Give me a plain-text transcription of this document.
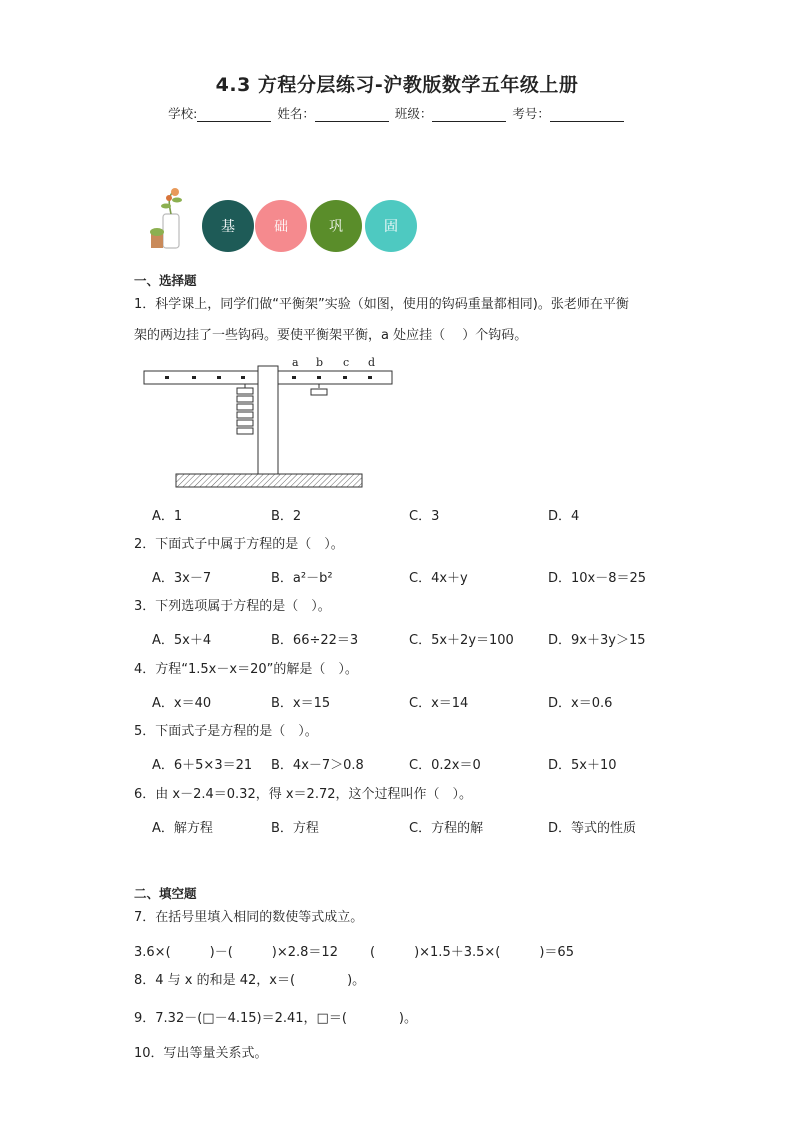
4.3 方程分层练习-沪教版数学五年级上册
学校:	姓名：	班级：	考号：
基	础	巩	固
一、选择题
1．科学课上，同学们做“平衡架”实验（如图，使用的钩码重量都相同)。张老师在平衡
架的两边挂了一些钩码。要使平衡架平衡，a 处应挂（　 ）个钩码。
a b c d
A．1	B．2	C．3	D．4
2．下面式子中属于方程的是（　）。
A．3x－7	B．a²－b²	C．4x＋y	D．10x－8＝25
3．下列选项属于方程的是（　）。
A．5x＋4	B．66÷22＝3	C．5x＋2y＝100	D．9x＋3y＞15
4．方程“1.5x－x＝20”的解是（　）。
A．x＝40	B．x＝15	C．x＝14	D．x＝0.6
5．下面式子是方程的是（　）。
A．6＋5×3＝21 B．4x－7＞0.8	C．0.2x＝0	D．5x＋10
6．由 x－2.4＝0.32，得 x＝2.72，这个过程叫作（　）。
A．解方程	B．方程	C．方程的解	D．等式的性质
二、填空题
7．在括号里填入相同的数使等式成立。
3.6×(　　　)－(　　　)×2.8＝12 (　　　)×1.5＋3.5×(　　　)＝65
8．4 与 x 的和是 42，x＝(　　　　)。
9．7.32－(□－4.15)＝2.41，□＝(　　　　)。
10．写出等量关系式。
